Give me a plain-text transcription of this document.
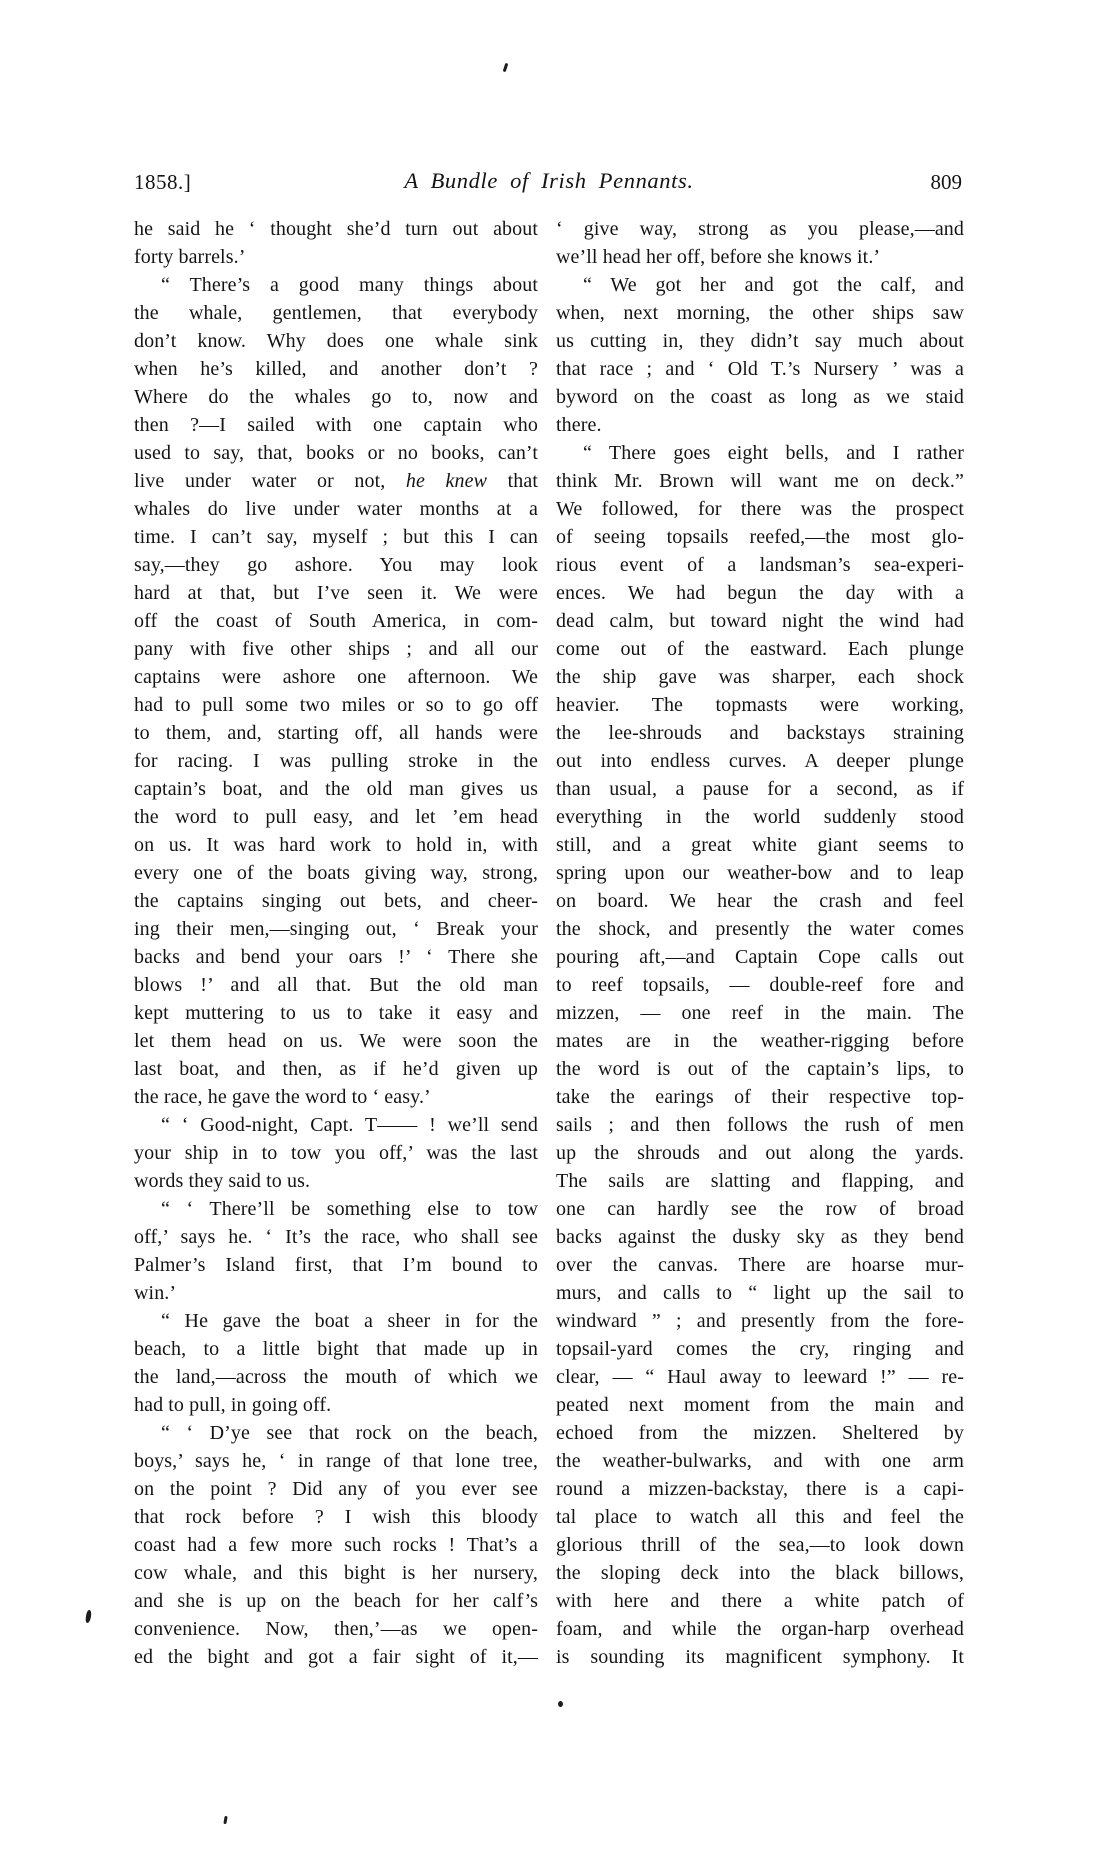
1858.]	A Bundle of Irish Pennants.	809
he said he ‘ thought she’d turn out about
forty barrels.’
“ There’s a good many things about
the whale, gentlemen, that everybody
don’t know. Why does one whale sink
when he’s killed, and another don’t ?
Where do the whales go to, now and
then ?—I sailed with one captain who
used to say, that, books or no books, can’t
live under water or not, he knew that
whales do live under water months at a
time. I can’t say, myself ; but this I can
say,—they go ashore. You may look
hard at that, but I’ve seen it. We were
off the coast of South America, in com-
pany with five other ships ; and all our
captains were ashore one afternoon. We
had to pull some two miles or so to go off
to them, and, starting off, all hands were
for racing. I was pulling stroke in the
captain’s boat, and the old man gives us
the word to pull easy, and let ’em head
on us. It was hard work to hold in, with
every one of the boats giving way, strong,
the captains singing out bets, and cheer-
ing their men,—singing out, ‘ Break your
backs and bend your oars !’ ‘ There she
blows !’ and all that. But the old man
kept muttering to us to take it easy and
let them head on us. We were soon the
last boat, and then, as if he’d given up
the race, he gave the word to ‘ easy.’
“ ‘ Good-night, Capt. T—— ! we’ll send
your ship in to tow you off,’ was the last
words they said to us.
“ ‘ There’ll be something else to tow
off,’ says he. ‘ It’s the race, who shall see
Palmer’s Island first, that I’m bound to
win.’
“ He gave the boat a sheer in for the
beach, to a little bight that made up in
the land,—across the mouth of which we
had to pull, in going off.
“ ‘ D’ye see that rock on the beach,
boys,’ says he, ‘ in range of that lone tree,
on the point ? Did any of you ever see
that rock before ? I wish this bloody
coast had a few more such rocks ! That’s a
cow whale, and this bight is her nursery,
and she is up on the beach for her calf’s
convenience. Now, then,’—as we open-
ed the bight and got a fair sight of it,—
‘ give way, strong as you please,—and
we’ll head her off, before she knows it.’
“ We got her and got the calf, and
when, next morning, the other ships saw
us cutting in, they didn’t say much about
that race ; and ‘ Old T.’s Nursery ’ was a
byword on the coast as long as we staid
there.
“ There goes eight bells, and I rather
think Mr. Brown will want me on deck.”
We followed, for there was the prospect
of seeing topsails reefed,—the most glo-
rious event of a landsman’s sea-experi-
ences. We had begun the day with a
dead calm, but toward night the wind had
come out of the eastward. Each plunge
the ship gave was sharper, each shock
heavier. The topmasts were working,
the lee-shrouds and backstays straining
out into endless curves. A deeper plunge
than usual, a pause for a second, as if
everything in the world suddenly stood
still, and a great white giant seems to
spring upon our weather-bow and to leap
on board. We hear the crash and feel
the shock, and presently the water comes
pouring aft,—and Captain Cope calls out
to reef topsails, — double-reef fore and
mizzen, — one reef in the main. The
mates are in the weather-rigging before
the word is out of the captain’s lips, to
take the earings of their respective top-
sails ; and then follows the rush of men
up the shrouds and out along the yards.
The sails are slatting and flapping, and
one can hardly see the row of broad
backs against the dusky sky as they bend
over the canvas. There are hoarse mur-
murs, and calls to “ light up the sail to
windward ” ; and presently from the fore-
topsail-yard comes the cry, ringing and
clear, — “ Haul away to leeward !” — re-
peated next moment from the main and
echoed from the mizzen. Sheltered by
the weather-bulwarks, and with one arm
round a mizzen-backstay, there is a capi-
tal place to watch all this and feel the
glorious thrill of the sea,—to look down
the sloping deck into the black billows,
with here and there a white patch of
foam, and while the organ-harp overhead
is sounding its magnificent symphony. It
